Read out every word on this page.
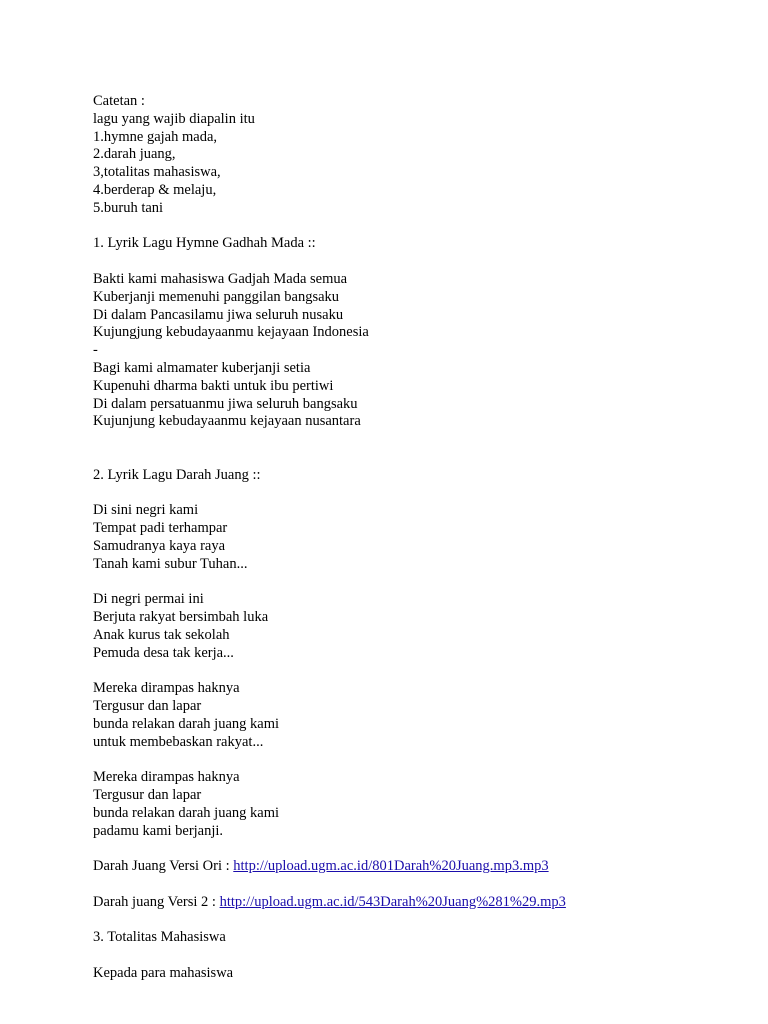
Catetan :
lagu yang wajib diapalin itu
1.hymne gajah mada,
2.darah juang,
3,totalitas mahasiswa,
4.berderap & melaju,
5.buruh tani
1. Lyrik Lagu Hymne Gadhah Mada ::
Bakti kami mahasiswa Gadjah Mada semua
Kuberjanji memenuhi panggilan bangsaku
Di dalam Pancasilamu jiwa seluruh nusaku
Kujungjung kebudayaanmu kejayaan Indonesia
-
Bagi kami almamater kuberjanji setia
Kupenuhi dharma bakti untuk ibu pertiwi
Di dalam persatuanmu jiwa seluruh bangsaku
Kujunjung kebudayaanmu kejayaan nusantara
2. Lyrik Lagu Darah Juang ::
Di sini negri kami
Tempat padi terhampar
Samudranya kaya raya
Tanah kami subur Tuhan...
Di negri permai ini
Berjuta rakyat bersimbah luka
Anak kurus tak sekolah
Pemuda desa tak kerja...
Mereka dirampas haknya
Tergusur dan lapar
bunda relakan darah juang kami
untuk membebaskan rakyat...
Mereka dirampas haknya
Tergusur dan lapar
bunda relakan darah juang kami
padamu kami berjanji.
Darah Juang Versi Ori : http://upload.ugm.ac.id/801Darah%20Juang.mp3.mp3
Darah juang Versi 2 : http://upload.ugm.ac.id/543Darah%20Juang%281%29.mp3
3. Totalitas Mahasiswa
Kepada para mahasiswa
